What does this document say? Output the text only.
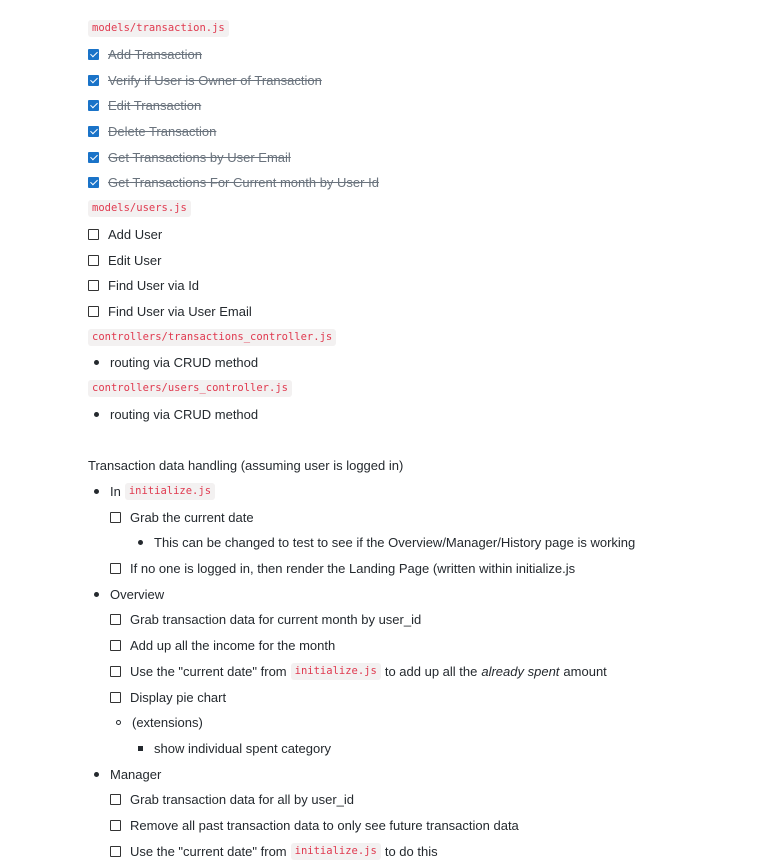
models/transaction.js
Add Transaction
Verify if User is Owner of Transaction
Edit Transaction
Delete Transaction
Get Transactions by User Email
Get Transactions For Current month by User Id
models/users.js
Add User
Edit User
Find User via Id
Find User via User Email
controllers/transactions_controller.js
routing via CRUD method
controllers/users_controller.js
routing via CRUD method
Transaction data handling (assuming user is logged in)
In initialize.js
Grab the current date
This can be changed to test to see if the Overview/Manager/History page is working
If no one is logged in, then render the Landing Page (written within initialize.js
Overview
Grab transaction data for current month by user_id
Add up all the income for the month
Use the "current date" from initialize.js to add up all the already spent amount
Display pie chart
(extensions)
show individual spent category
Manager
Grab transaction data for all by user_id
Remove all past transaction data to only see future transaction data
Use the "current date" from initialize.js to do this
